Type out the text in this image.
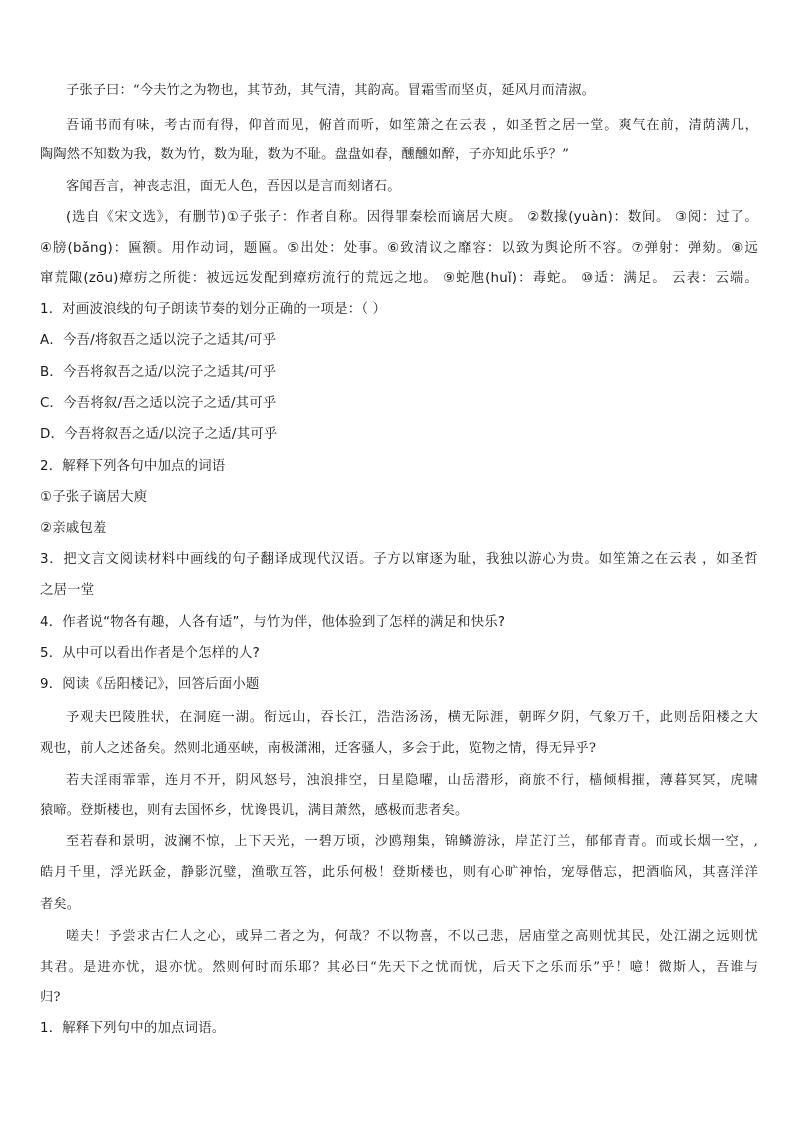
子张子曰：“今夫竹之为物也，其节劲，其气清，其韵高。冒霜雪而坚贞，延风月而清淑。
吾诵书而有味，考古而有得，仰首而见，俯首而听，如笙箫之在云表 ，如圣哲之居一堂。爽气在前，清荫满几，
陶陶然不知数为我，数为竹，数为耻，数为不耻。盘盘如春，醺醺如醉，子亦知此乐乎？”
客闻吾言，神丧志沮，面无人色，吾因以是言而刻诸石。
(选自《宋文选》，有删节)①子张子：作者自称。因得罪秦桧而谪居大庾。 ②数掾(yuàn)：数间。 ③阅：过了。
④牓(bǎng)：匾额。用作动词，题匾。⑤出处：处事。⑥致清议之靡容：以致为舆论所不容。⑦弹射：弹劾。⑧远
窜荒陬(zōu)瘴疠之所徙：被远远发配到瘴疠流行的荒远之地。 ⑨蛇虺(huǐ)：毒蛇。 ⑩适：满足。 云表：云端。
1．对画波浪线的句子朗读节奏的划分正确的一项是：（ ）
A．今吾/将叙吾之适以浣子之适其/可乎
B．今吾将叙吾之适/以浣子之适其/可乎
C．今吾将叙/吾之适以浣子之适/其可乎
D．今吾将叙吾之适/以浣子之适/其可乎
2．解释下列各句中加点的词语
①子张子谪居大庾
②亲戚包羞
3．把文言文阅读材料中画线的句子翻译成现代汉语。子方以窜逐为耻，我独以游心为贵。如笙箫之在云表 ，如圣哲
之居一堂
4．作者说“物各有趣，人各有适”，与竹为伴，他体验到了怎样的满足和快乐?
5．从中可以看出作者是个怎样的人?
9．阅读《岳阳楼记》，回答后面小题
予观夫巴陵胜状，在洞庭一湖。衔远山，吞长江，浩浩汤汤，横无际涯，朝晖夕阴，气象万千，此则岳阳楼之大
观也，前人之述备矣。然则北通巫峡，南极潇湘，迁客骚人，多会于此，览物之情，得无异乎?
若夫淫雨霏霏，连月不开，阴风怒号，浊浪排空，日星隐曜，山岳潜形，商旅不行，樯倾楫摧，薄暮冥冥，虎啸
猿啼。登斯楼也，则有去国怀乡，忧谗畏讥，满目萧然，感极而悲者矣。
至若春和景明，波澜不惊，上下天光，一碧万顷，沙鸥翔集，锦鳞游泳，岸芷汀兰，郁郁青青。而或长烟一空，,
皓月千里，浮光跃金，静影沉璧，渔歌互答，此乐何极！登斯楼也，则有心旷神怡，宠辱偕忘，把酒临风，其喜洋洋
者矣。
嗟夫！予尝求古仁人之心，或异二者之为，何哉？不以物喜，不以己悲，居庙堂之高则忧其民，处江湖之远则忧
其君。是进亦忧，退亦忧。然则何时而乐耶？其必曰“先天下之忧而忧，后天下之乐而乐”乎！噫！微斯人，吾谁与
归?
1．解释下列句中的加点词语。
